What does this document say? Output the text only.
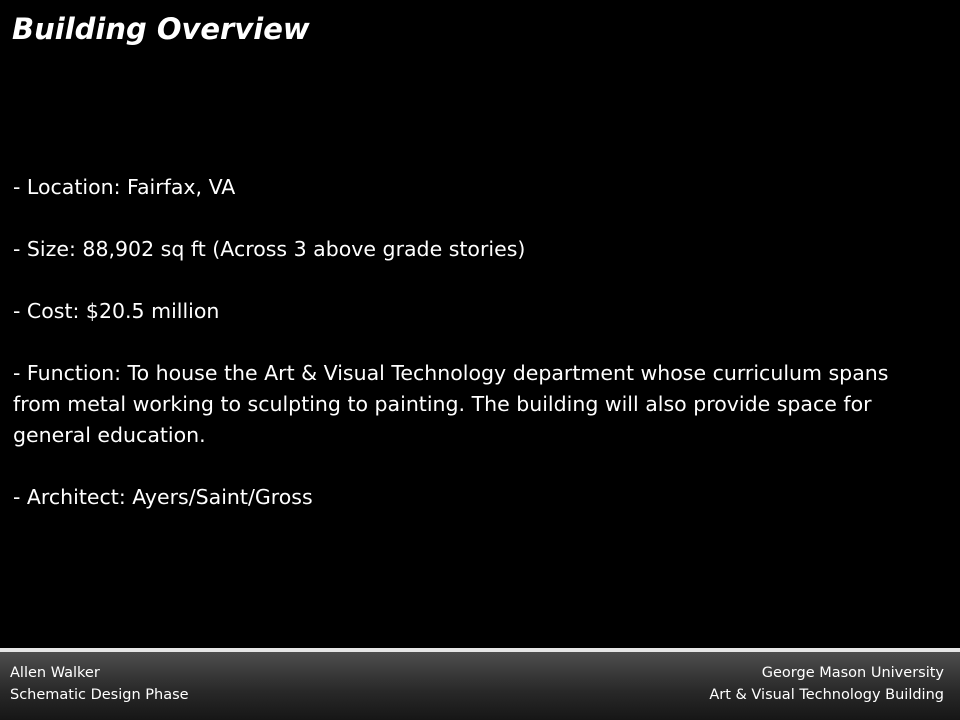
Building Overview

- Location: Fairfax, VA

- Size: 88,902 sq ft (Across 3 above grade stories)

- Cost: $20.5 million

- Function: To house the Art & Visual Technology department whose curriculum spans from metal working to sculpting to painting. The building will also provide space for general education.

- Architect: Ayers/Saint/Gross

Allen Walker
Schematic Design Phase
George Mason University
Art & Visual Technology Building
